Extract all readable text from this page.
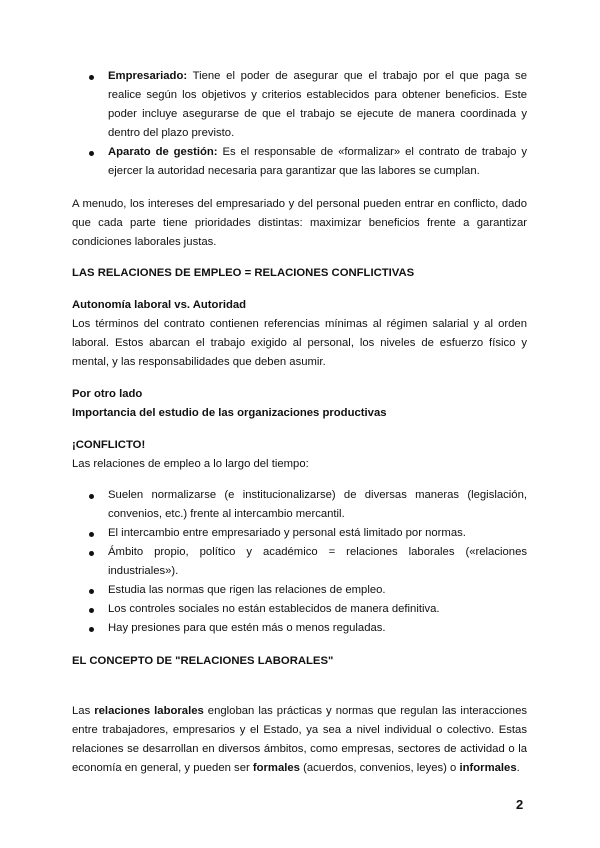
Empresariado: Tiene el poder de asegurar que el trabajo por el que paga se realice según los objetivos y criterios establecidos para obtener beneficios. Este poder incluye asegurarse de que el trabajo se ejecute de manera coordinada y dentro del plazo previsto.
Aparato de gestión: Es el responsable de «formalizar» el contrato de trabajo y ejercer la autoridad necesaria para garantizar que las labores se cumplan.

A menudo, los intereses del empresariado y del personal pueden entrar en conflicto, dado que cada parte tiene prioridades distintas: maximizar beneficios frente a garantizar condiciones laborales justas.

LAS RELACIONES DE EMPLEO = RELACIONES CONFLICTIVAS
Autonomía laboral vs. Autoridad

Los términos del contrato contienen referencias mínimas al régimen salarial y al orden laboral. Estos abarcan el trabajo exigido al personal, los niveles de esfuerzo físico y mental, y las responsabilidades que deben asumir.

Por otro lado
Importancia del estudio de las organizaciones productivas
¡CONFLICTO!
Las relaciones de empleo a lo largo del tiempo:
Suelen normalizarse (e institucionalizarse) de diversas maneras (legislación, convenios, etc.) frente al intercambio mercantil.
El intercambio entre empresariado y personal está limitado por normas.
Ámbito propio, político y académico = relaciones laborales («relaciones industriales»).
Estudia las normas que rigen las relaciones de empleo.
Los controles sociales no están establecidos de manera definitiva.
Hay presiones para que estén más o menos reguladas.
EL CONCEPTO DE "RELACIONES LABORALES"

Las relaciones laborales engloban las prácticas y normas que regulan las interacciones entre trabajadores, empresarios y el Estado, ya sea a nivel individual o colectivo. Estas relaciones se desarrollan en diversos ámbitos, como empresas, sectores de actividad o la economía en general, y pueden ser formales (acuerdos, convenios, leyes) o informales.

2
